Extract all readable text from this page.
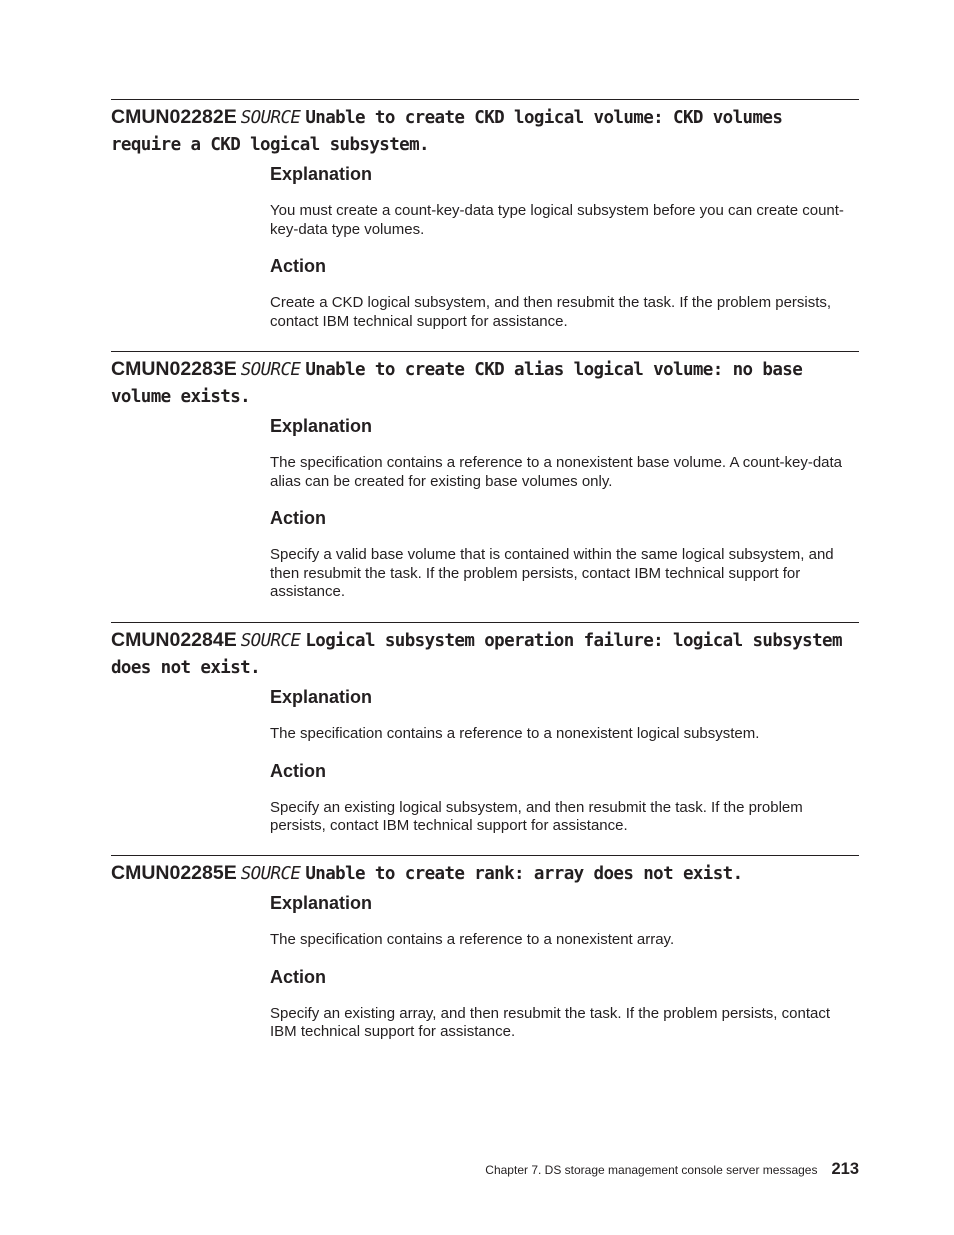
CMUN02282E SOURCE Unable to create CKD logical volume: CKD volumes require a CKD logical subsystem.

Explanation

You must create a count-key-data type logical subsystem before you can create count-key-data type volumes.

Action

Create a CKD logical subsystem, and then resubmit the task. If the problem persists, contact IBM technical support for assistance.

CMUN02283E SOURCE Unable to create CKD alias logical volume: no base volume exists.

Explanation

The specification contains a reference to a nonexistent base volume. A count-key-data alias can be created for existing base volumes only.

Action

Specify a valid base volume that is contained within the same logical subsystem, and then resubmit the task. If the problem persists, contact IBM technical support for assistance.

CMUN02284E SOURCE Logical subsystem operation failure: logical subsystem does not exist.

Explanation

The specification contains a reference to a nonexistent logical subsystem.

Action

Specify an existing logical subsystem, and then resubmit the task. If the problem persists, contact IBM technical support for assistance.

CMUN02285E SOURCE Unable to create rank: array does not exist.

Explanation

The specification contains a reference to a nonexistent array.

Action

Specify an existing array, and then resubmit the task. If the problem persists, contact IBM technical support for assistance.

Chapter 7. DS storage management console server messages 213
